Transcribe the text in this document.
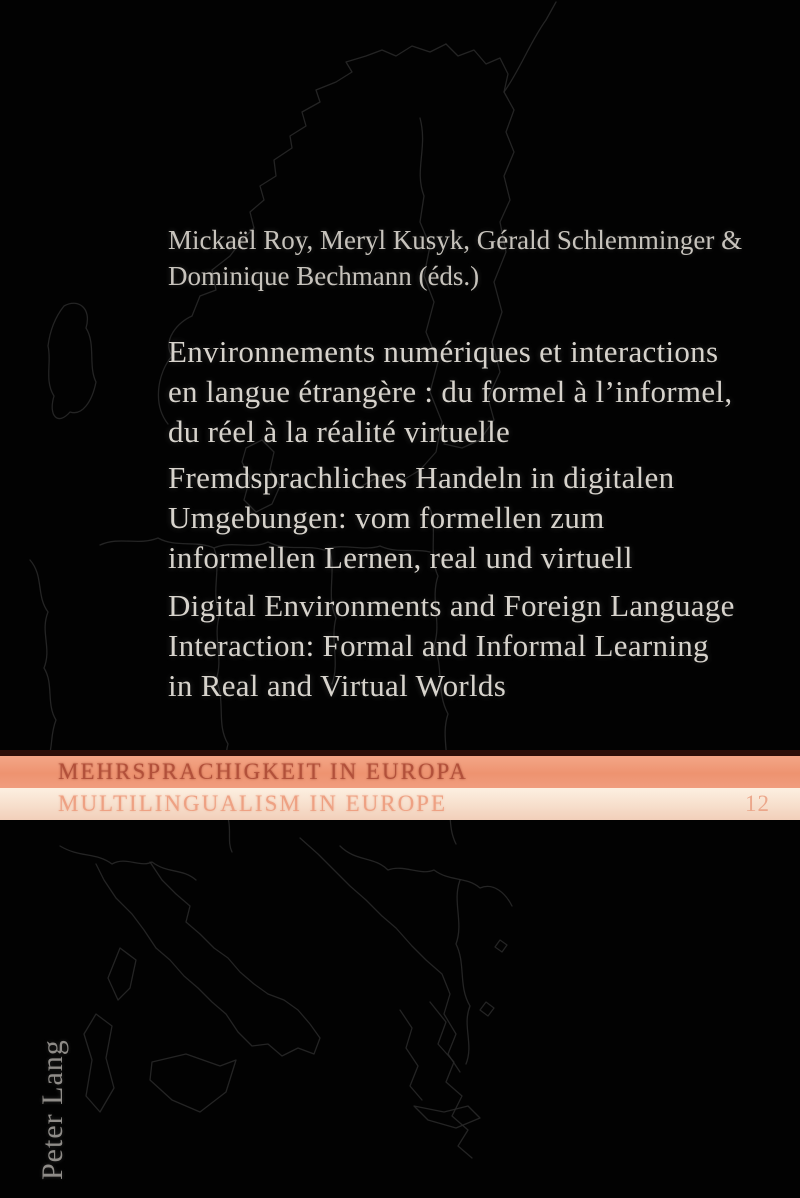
Mickaël Roy, Meryl Kusyk, Gérald Schlemminger &
Dominique Bechmann (éds.)
Environnements numériques et interactions
en langue étrangère : du formel à l’informel,
du réel à la réalité virtuelle
Fremdsprachliches Handeln in digitalen
Umgebungen: vom formellen zum
informellen Lernen, real und virtuell
Digital Environments and Foreign Language
Interaction: Formal and Informal Learning
in Real and Virtual Worlds
MEHRSPRACHIGKEIT IN EUROPA
MULTILINGUALISM IN EUROPE	12
Peter Lang
